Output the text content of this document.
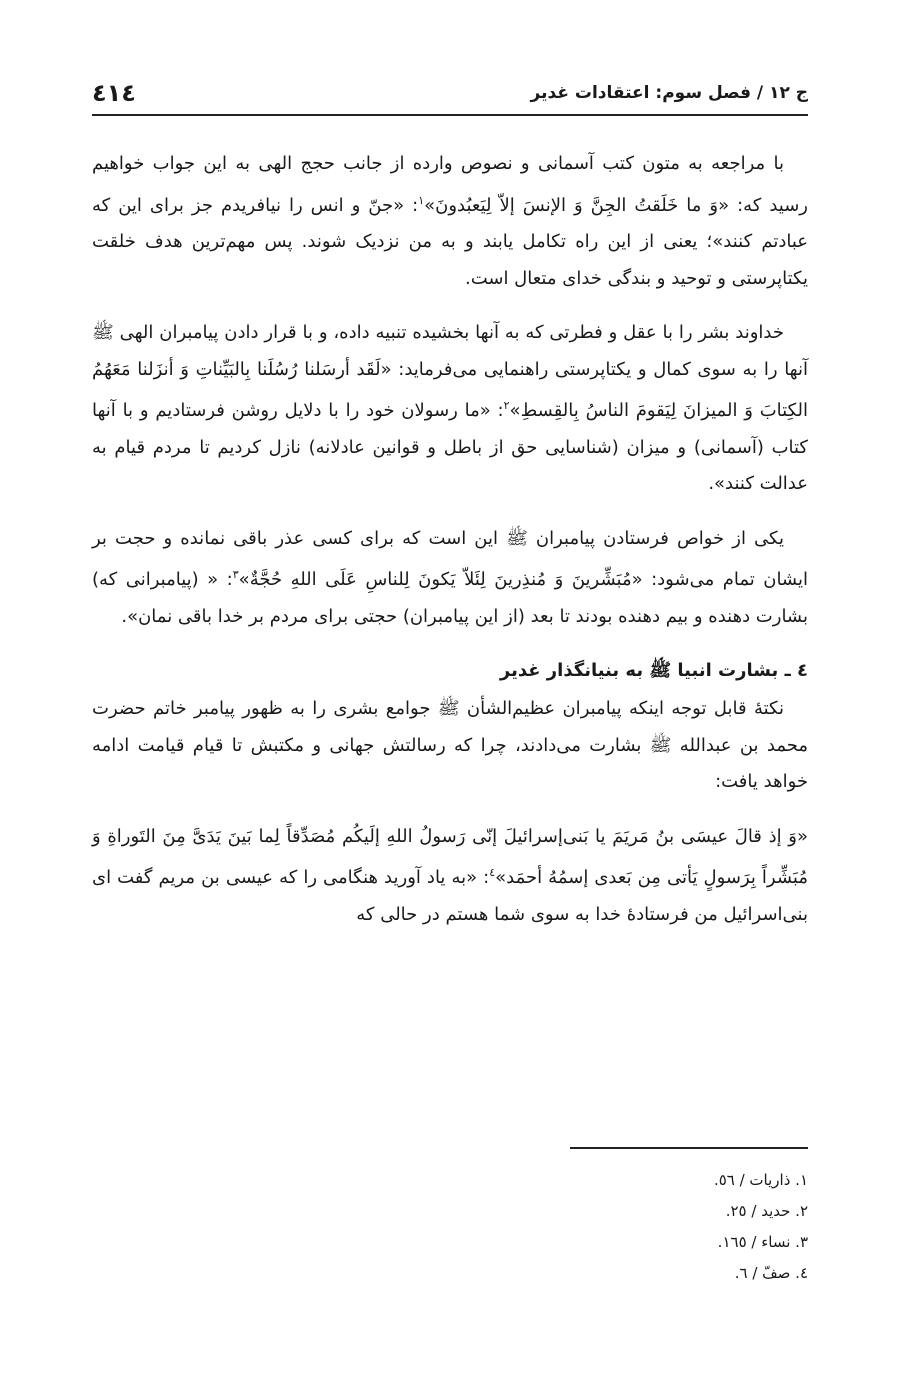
ج ١٢ / فصل سوم: اعتقادات غدیر
٤١٤

با مراجعه به متون کتب آسمانی و نصوص وارده از جانب حجج الهی به این جواب خواهیم رسید که: «وَ ما خَلَقتُ الجِنَّ وَ الإنسَ إلاّ لِیَعبُدونَ»$^١$: «جنّ و انس را نیافریدم جز برای این که عبادتم کنند»؛ یعنی از این راه تکامل یابند و به من نزدیک شوند. پس مهم‌ترین هدف خلقت یکتاپرستی و توحید و بندگی خدای متعال است.

خداوند بشر را با عقل و فطرتی که به آنها بخشیده تنبیه داده، و با قرار دادن پیامبران الهی ﷺ آنها را به سوی کمال و یکتاپرستی راهنمایی می‌فرماید: «لَقَد أرسَلنا رُسُلَنا بِالبَیِّناتِ وَ أنزَلنا مَعَهُمُ الکِتابَ وَ المیزانَ لِیَقومَ الناسُ بِالقِسطِ»$^٢$: «ما رسولان خود را با دلایل روشن فرستادیم و با آنها کتاب (آسمانی) و میزان (شناسایی حق از باطل و قوانین عادلانه) نازل کردیم تا مردم قیام به عدالت کنند».

یکی از خواص فرستادن پیامبران ﷺ این است که برای کسی عذر باقی نمانده و حجت بر ایشان تمام می‌شود: «مُبَشِّرینَ وَ مُنذِرینَ لِئَلاّ یَکونَ لِلناسِ عَلَی اللهِ حُجَّةٌ»$^٣$: « (پیامبرانی که) بشارت دهنده و بیم دهنده بودند تا بعد (از این پیامبران) حجتی برای مردم بر خدا باقی نمان».

٤ ـ بشارت انبیا ﷺ به بنیانگذار غدیر

نکتۀ قابل توجه اینکه پیامبران عظیم‌الشأن ﷺ جوامع بشری را به ظهور پیامبر خاتم حضرت محمد بن عبدالله ﷺ بشارت می‌دادند، چرا که رسالتش جهانی و مکتبش تا قیام قیامت ادامه خواهد یافت:

«وَ إذ قالَ عیسَی بنُ مَریَمَ یا بَنی‌إسرائیلَ إنّی رَسولُ اللهِ إلَیکُم مُصَدِّقاً لِما بَینَ یَدَیَّ مِنَ التَوراةِ وَ مُبَشِّراً بِرَسولٍ یَأتی مِن بَعدی إسمُهُ أحمَد»$^٤$: «به یاد آورید هنگامی را که عیسی بن مریم گفت ای بنی‌اسرائیل من فرستادۀ خدا به سوی شما هستم در حالی که

١. ذاریات / ٥٦.
٢. حدید / ٢٥.
٣. نساء / ١٦٥.
٤. صفّ / ٦.
